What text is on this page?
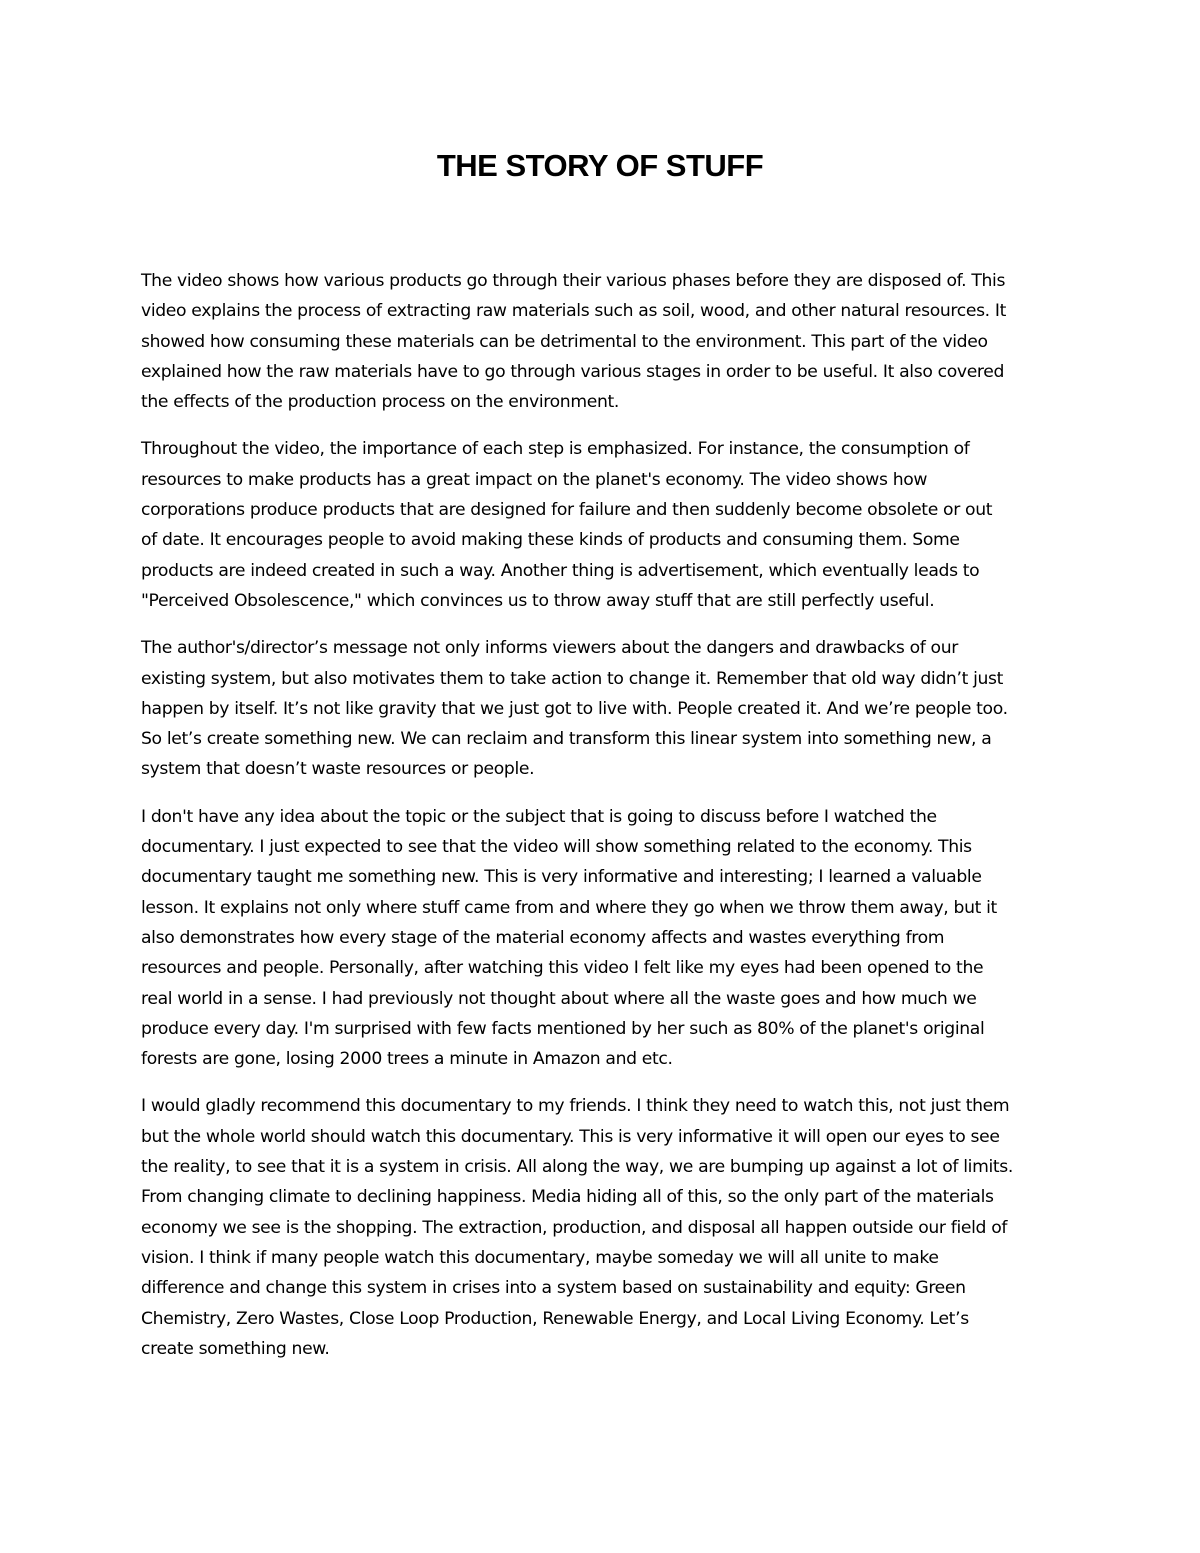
THE STORY OF STUFF

The video shows how various products go through their various phases before they are disposed of. This
video explains the process of extracting raw materials such as soil, wood, and other natural resources. It
showed how consuming these materials can be detrimental to the environment. This part of the video
explained how the raw materials have to go through various stages in order to be useful. It also covered
the effects of the production process on the environment.

Throughout the video, the importance of each step is emphasized. For instance, the consumption of
resources to make products has a great impact on the planet's economy. The video shows how
corporations produce products that are designed for failure and then suddenly become obsolete or out
of date. It encourages people to avoid making these kinds of products and consuming them. Some
products are indeed created in such a way. Another thing is advertisement, which eventually leads to
"Perceived Obsolescence," which convinces us to throw away stuff that are still perfectly useful.

The author's/director’s message not only informs viewers about the dangers and drawbacks of our
existing system, but also motivates them to take action to change it. Remember that old way didn’t just
happen by itself. It’s not like gravity that we just got to live with. People created it. And we’re people too.
So let’s create something new. We can reclaim and transform this linear system into something new, a
system that doesn’t waste resources or people.

I don't have any idea about the topic or the subject that is going to discuss before I watched the
documentary. I just expected to see that the video will show something related to the economy. This
documentary taught me something new. This is very informative and interesting; I learned a valuable
lesson. It explains not only where stuff came from and where they go when we throw them away, but it
also demonstrates how every stage of the material economy affects and wastes everything from
resources and people. Personally, after watching this video I felt like my eyes had been opened to the
real world in a sense. I had previously not thought about where all the waste goes and how much we
produce every day. I'm surprised with few facts mentioned by her such as 80% of the planet's original
forests are gone, losing 2000 trees a minute in Amazon and etc.

I would gladly recommend this documentary to my friends. I think they need to watch this, not just them
but the whole world should watch this documentary. This is very informative it will open our eyes to see
the reality, to see that it is a system in crisis. All along the way, we are bumping up against a lot of limits.
From changing climate to declining happiness. Media hiding all of this, so the only part of the materials
economy we see is the shopping. The extraction, production, and disposal all happen outside our field of
vision. I think if many people watch this documentary, maybe someday we will all unite to make
difference and change this system in crises into a system based on sustainability and equity: Green
Chemistry, Zero Wastes, Close Loop Production, Renewable Energy, and Local Living Economy. Let’s
create something new.
